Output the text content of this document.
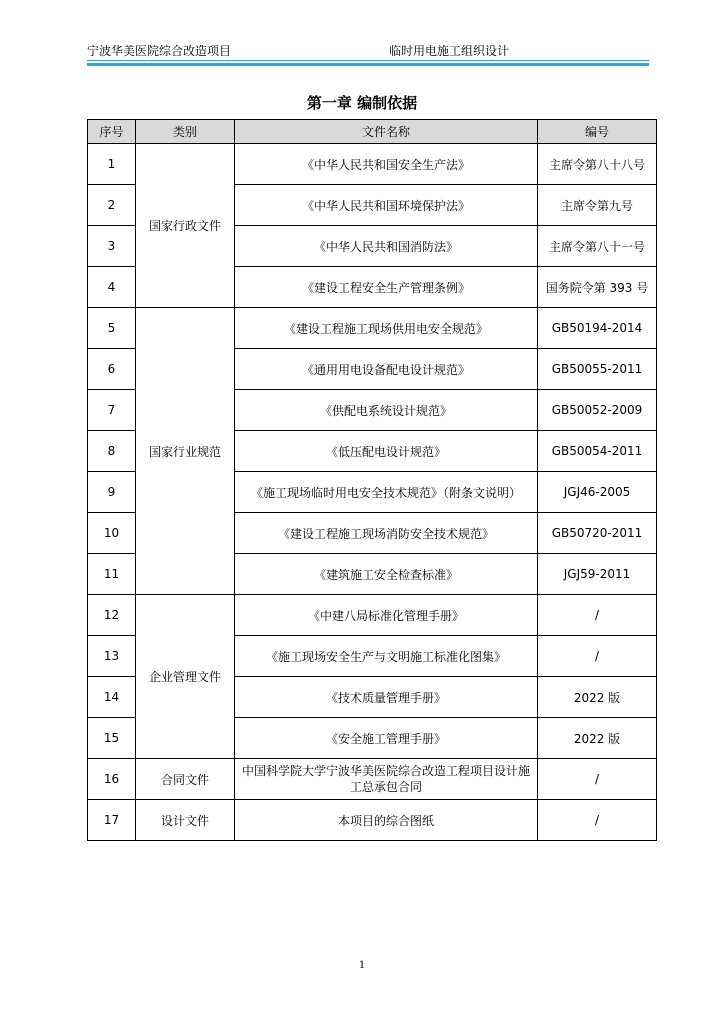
宁波华美医院综合改造项目	临时用电施工组织设计
第一章 编制依据
序号	类别	文件名称	编号
1	国家行政文件	《中华人民共和国安全生产法》	主席令第八十八号
2		《中华人民共和国环境保护法》	主席令第九号
3		《中华人民共和国消防法》	主席令第八十一号
4		《建设工程安全生产管理条例》	国务院令第 393 号
5	国家行业规范	《建设工程施工现场供用电安全规范》	GB50194-2014
6		《通用用电设备配电设计规范》	GB50055-2011
7		《供配电系统设计规范》	GB50052-2009
8		《低压配电设计规范》	GB50054-2011
9		《施工现场临时用电安全技术规范》（附条文说明）	JGJ46-2005
10		《建设工程施工现场消防安全技术规范》	GB50720-2011
11		《建筑施工安全检查标准》	JGJ59-2011
12	企业管理文件	《中建八局标准化管理手册》	/
13		《施工现场安全生产与文明施工标准化图集》	/
14		《技术质量管理手册》	2022 版
15		《安全施工管理手册》	2022 版
16	合同文件	中国科学院大学宁波华美医院综合改造工程项目设计施工总承包合同	/
17	设计文件	本项目的综合图纸	/
1
